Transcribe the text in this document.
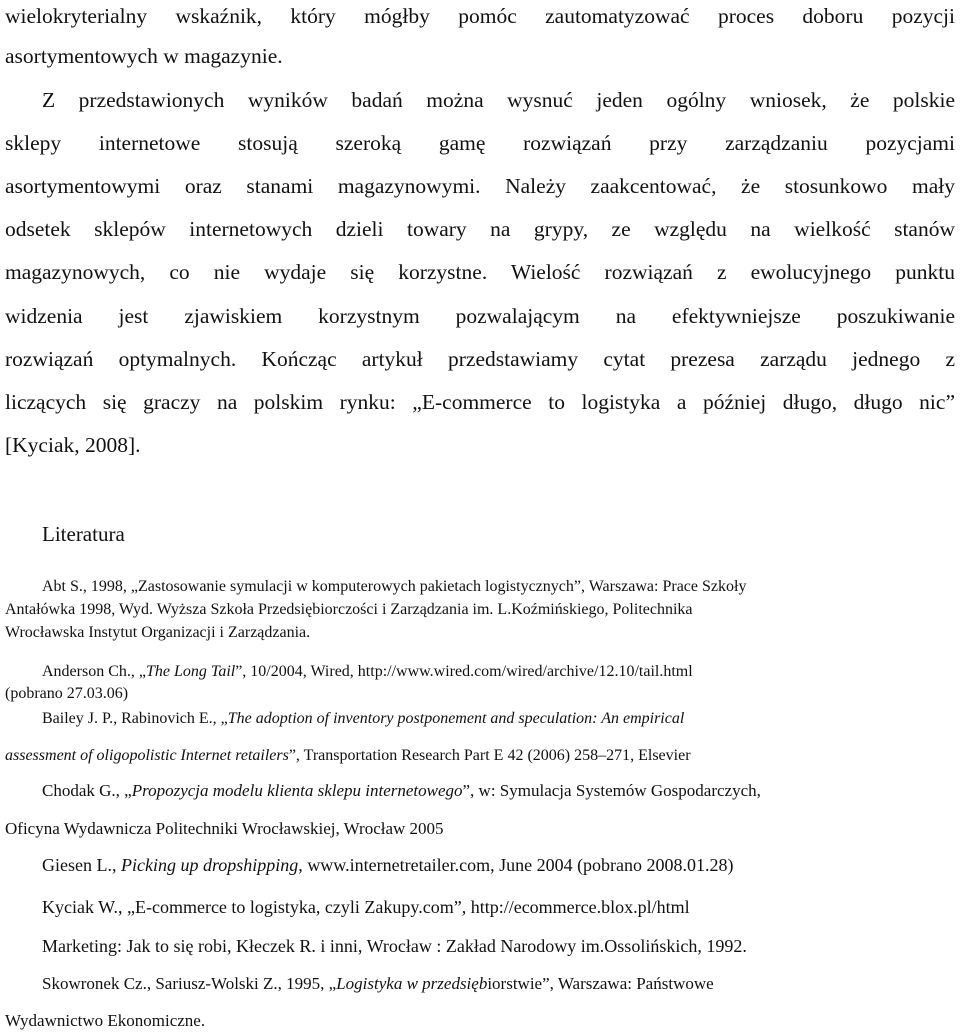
wielokryterialny wskaźnik, który mógłby pomóc zautomatyzować proces doboru pozycji
asortymentowych w magazynie.
Z przedstawionych wyników badań można wysnuć jeden ogólny wniosek, że polskie
sklepy internetowe stosują szeroką gamę rozwiązań przy zarządzaniu pozycjami
asortymentowymi oraz stanami magazynowymi. Należy zaakcentować, że stosunkowo mały
odsetek sklepów internetowych dzieli towary na grypy, ze względu na wielkość stanów
magazynowych, co nie wydaje się korzystne. Wielość rozwiązań z ewolucyjnego punktu
widzenia jest zjawiskiem korzystnym pozwalającym na efektywniejsze poszukiwanie
rozwiązań optymalnych. Kończąc artykuł przedstawiamy cytat prezesa zarządu jednego z
liczących się graczy na polskim rynku: „E-commerce to logistyka a później długo, długo nic”
[Kyciak, 2008].
Literatura
Abt S., 1998, „Zastosowanie symulacji w komputerowych pakietach logistycznych”, Warszawa: Prace Szkoły
Antałówka 1998, Wyd. Wyższa Szkoła Przedsiębiorczości i Zarządzania im. L.Koźmińskiego, Politechnika
Wrocławska Instytut Organizacji i Zarządzania.
Anderson Ch., „The Long Tail”, 10/2004, Wired, http://www.wired.com/wired/archive/12.10/tail.html
(pobrano 27.03.06)
Bailey J. P., Rabinovich E., „The adoption of inventory postponement and speculation: An empirical
assessment of oligopolistic Internet retailers”, Transportation Research Part E 42 (2006) 258–271, Elsevier
Chodak G., „Propozycja modelu klienta sklepu internetowego”, w: Symulacja Systemów Gospodarczych,
Oficyna Wydawnicza Politechniki Wrocławskiej, Wrocław 2005
Giesen L., Picking up dropshipping, www.internetretailer.com, June 2004 (pobrano 2008.01.28)
Kyciak W., „E-commerce to logistyka, czyli Zakupy.com”, http://ecommerce.blox.pl/html
Marketing: Jak to się robi, Kłeczek R. i inni, Wrocław : Zakład Narodowy im.Ossolińskich, 1992.
Skowronek Cz., Sariusz-Wolski Z., 1995, „Logistyka w przedsiębiorstwie”, Warszawa: Państwowe
Wydawnictwo Ekonomiczne.
